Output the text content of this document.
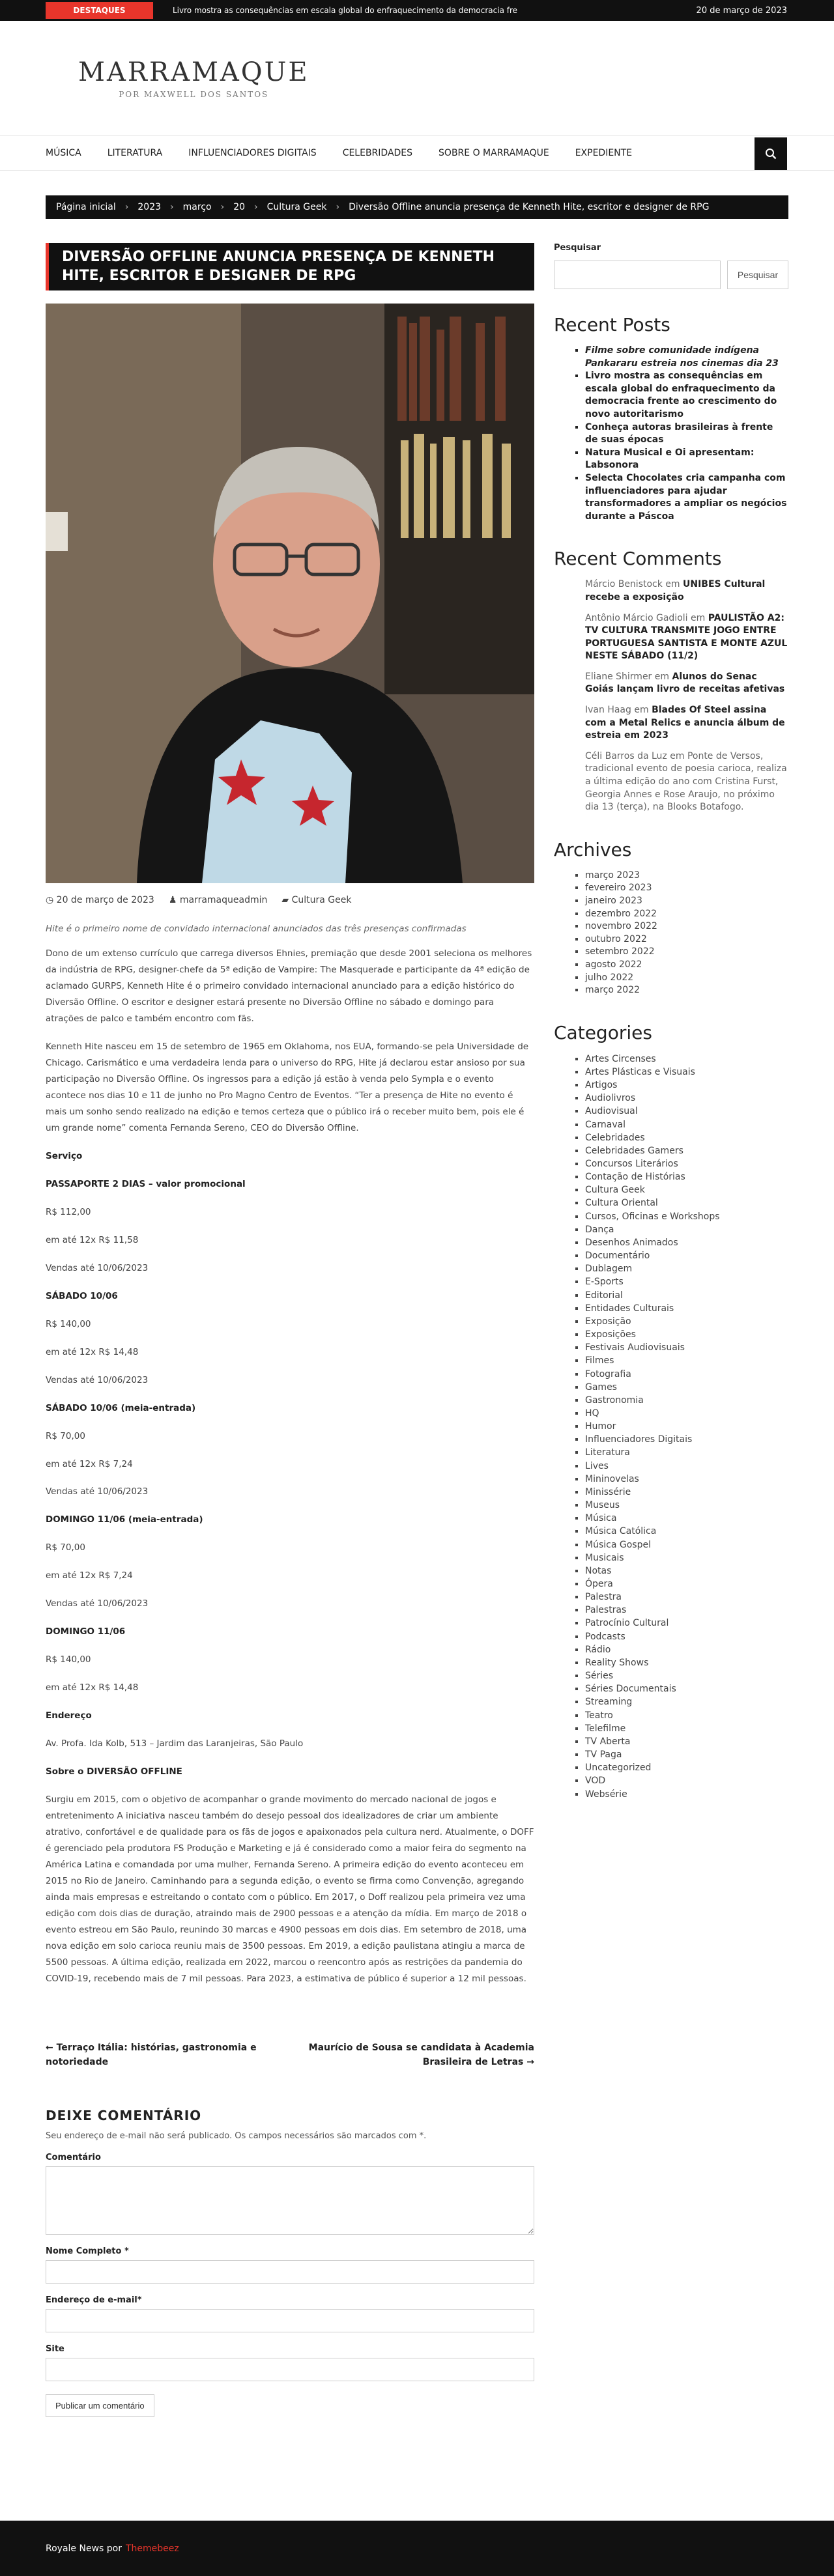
DESTAQUES	Livro mostra as consequências em escala global do enfraquecimento da democracia fre	20 de março de 2023
MARRAMAQUE
POR MAXWELL DOS SANTOS
MÚSICA	LITERATURA	INFLUENCIADORES DIGITAIS	CELEBRIDADES	SOBRE O MARRAMAQUE	EXPEDIENTE
Página inicial › 2023 › março › 20 › Cultura Geek › Diversão Offline anuncia presença de Kenneth Hite, escritor e designer de RPG
DIVERSÃO OFFLINE ANUNCIA PRESENÇA DE KENNETH HITE, ESCRITOR E DESIGNER DE RPG
◷ 20 de março de 2023 ♟ marramaqueadmin ▰ Cultura Geek
Hite é o primeiro nome de convidado internacional anunciados das três presenças confirmadas

Dono de um extenso currículo que carrega diversos Ehnies, premiação que desde 2001 seleciona os melhores da indústria de RPG, designer-chefe da 5ª edição de Vampire: The Masquerade e participante da 4ª edição de aclamado GURPS, Kenneth Hite é o primeiro convidado internacional anunciado para a edição histórico do Diversão Offline. O escritor e designer estará presente no Diversão Offline no sábado e domingo para atrações de palco e também encontro com fãs.

Kenneth Hite nasceu em 15 de setembro de 1965 em Oklahoma, nos EUA, formando-se pela Universidade de Chicago. Carismático e uma verdadeira lenda para o universo do RPG, Hite já declarou estar ansioso por sua participação no Diversão Offline. Os ingressos para a edição já estão à venda pelo Sympla e o evento acontece nos dias 10 e 11 de junho no Pro Magno Centro de Eventos. “Ter a presença de Hite no evento é mais um sonho sendo realizado na edição e temos certeza que o público irá o receber muito bem, pois ele é um grande nome” comenta Fernanda Sereno, CEO do Diversão Offline.

Serviço

PASSAPORTE 2 DIAS – valor promocional

R$ 112,00

em até 12x R$ 11,58

Vendas até 10/06/2023

SÁBADO 10/06

R$ 140,00

em até 12x R$ 14,48

Vendas até 10/06/2023

SÁBADO 10/06 (meia-entrada)

R$ 70,00

em até 12x R$ 7,24

Vendas até 10/06/2023

DOMINGO 11/06 (meia-entrada)

R$ 70,00

em até 12x R$ 7,24

Vendas até 10/06/2023

DOMINGO 11/06

R$ 140,00

em até 12x R$ 14,48

Endereço

Av. Profa. Ida Kolb, 513 – Jardim das Laranjeiras, São Paulo

Sobre o DIVERSÃO OFFLINE

Surgiu em 2015, com o objetivo de acompanhar o grande movimento do mercado nacional de jogos e entretenimento A iniciativa nasceu também do desejo pessoal dos idealizadores de criar um ambiente atrativo, confortável e de qualidade para os fãs de jogos e apaixonados pela cultura nerd. Atualmente, o DOFF é gerenciado pela produtora FS Produção e Marketing e já é considerado como a maior feira do segmento na América Latina e comandada por uma mulher, Fernanda Sereno. A primeira edição do evento aconteceu em 2015 no Rio de Janeiro. Caminhando para a segunda edição, o evento se firma como Convenção, agregando ainda mais empresas e estreitando o contato com o público. Em 2017, o Doff realizou pela primeira vez uma edição com dois dias de duração, atraindo mais de 2900 pessoas e a atenção da mídia. Em março de 2018 o evento estreou em São Paulo, reunindo 30 marcas e 4900 pessoas em dois dias. Em setembro de 2018, uma nova edição em solo carioca reuniu mais de 3500 pessoas. Em 2019, a edição paulistana atingiu a marca de 5500 pessoas. A última edição, realizada em 2022, marcou o reencontro após as restrições da pandemia do COVID-19, recebendo mais de 7 mil pessoas. Para 2023, a estimativa de público é superior a 12 mil pessoas.

← Terraço Itália: histórias, gastronomia e notoriedade
Maurício de Sousa se candidata à Academia Brasileira de Letras →
DEIXE COMENTÁRIO
Seu endereço de e-mail não será publicado. Os campos necessários são marcados com *.
Comentário
Nome Completo *
Endereço de e-mail*
Site
Publicar um comentário
Pesquisar
Pesquisar
Recent Posts
▪ Filme sobre comunidade indígena Pankararu estreia nos cinemas dia 23
▪ Livro mostra as consequências em escala global do enfraquecimento da democracia frente ao crescimento do novo autoritarismo
▪ Conheça autoras brasileiras à frente de suas épocas
▪ Natura Musical e Oi apresentam: Labsonora
▪ Selecta Chocolates cria campanha com influenciadores para ajudar transformadores a ampliar os negócios durante a Páscoa
Recent Comments
Márcio Benistock em UNIBES Cultural recebe a exposição
Antônio Márcio Gadioli em PAULISTÃO A2: TV CULTURA TRANSMITE JOGO ENTRE PORTUGUESA SANTISTA E MONTE AZUL NESTE SÁBADO (11/2)
Eliane Shirmer em Alunos do Senac Goiás lançam livro de receitas afetivas
Ivan Haag em Blades Of Steel assina com a Metal Relics e anuncia álbum de estreia em 2023
Céli Barros da Luz em Ponte de Versos, tradicional evento de poesia carioca, realiza a última edição do ano com Cristina Furst, Georgia Annes e Rose Araujo, no próximo dia 13 (terça), na Blooks Botafogo.
Archives
▪ março 2023
▪ fevereiro 2023
▪ janeiro 2023
▪ dezembro 2022
▪ novembro 2022
▪ outubro 2022
▪ setembro 2022
▪ agosto 2022
▪ julho 2022
▪ março 2022
Categories
▪ Artes Circenses
▪ Artes Plásticas e Visuais
▪ Artigos
▪ Audiolivros
▪ Audiovisual
▪ Carnaval
▪ Celebridades
▪ Celebridades Gamers
▪ Concursos Literários
▪ Contação de Histórias
▪ Cultura Geek
▪ Cultura Oriental
▪ Cursos, Oficinas e Workshops
▪ Dança
▪ Desenhos Animados
▪ Documentário
▪ Dublagem
▪ E-Sports
▪ Editorial
▪ Entidades Culturais
▪ Exposição
▪ Exposições
▪ Festivais Audiovisuais
▪ Filmes
▪ Fotografia
▪ Games
▪ Gastronomia
▪ HQ
▪ Humor
▪ Influenciadores Digitais
▪ Literatura
▪ Lives
▪ Mininovelas
▪ Minissérie
▪ Museus
▪ Música
▪ Música Católica
▪ Música Gospel
▪ Musicais
▪ Notas
▪ Ópera
▪ Palestra
▪ Palestras
▪ Patrocínio Cultural
▪ Podcasts
▪ Rádio
▪ Reality Shows
▪ Séries
▪ Séries Documentais
▪ Streaming
▪ Teatro
▪ Telefilme
▪ TV Aberta
▪ TV Paga
▪ Uncategorized
▪ VOD
▪ Websérie
Royale News por Themebeez
